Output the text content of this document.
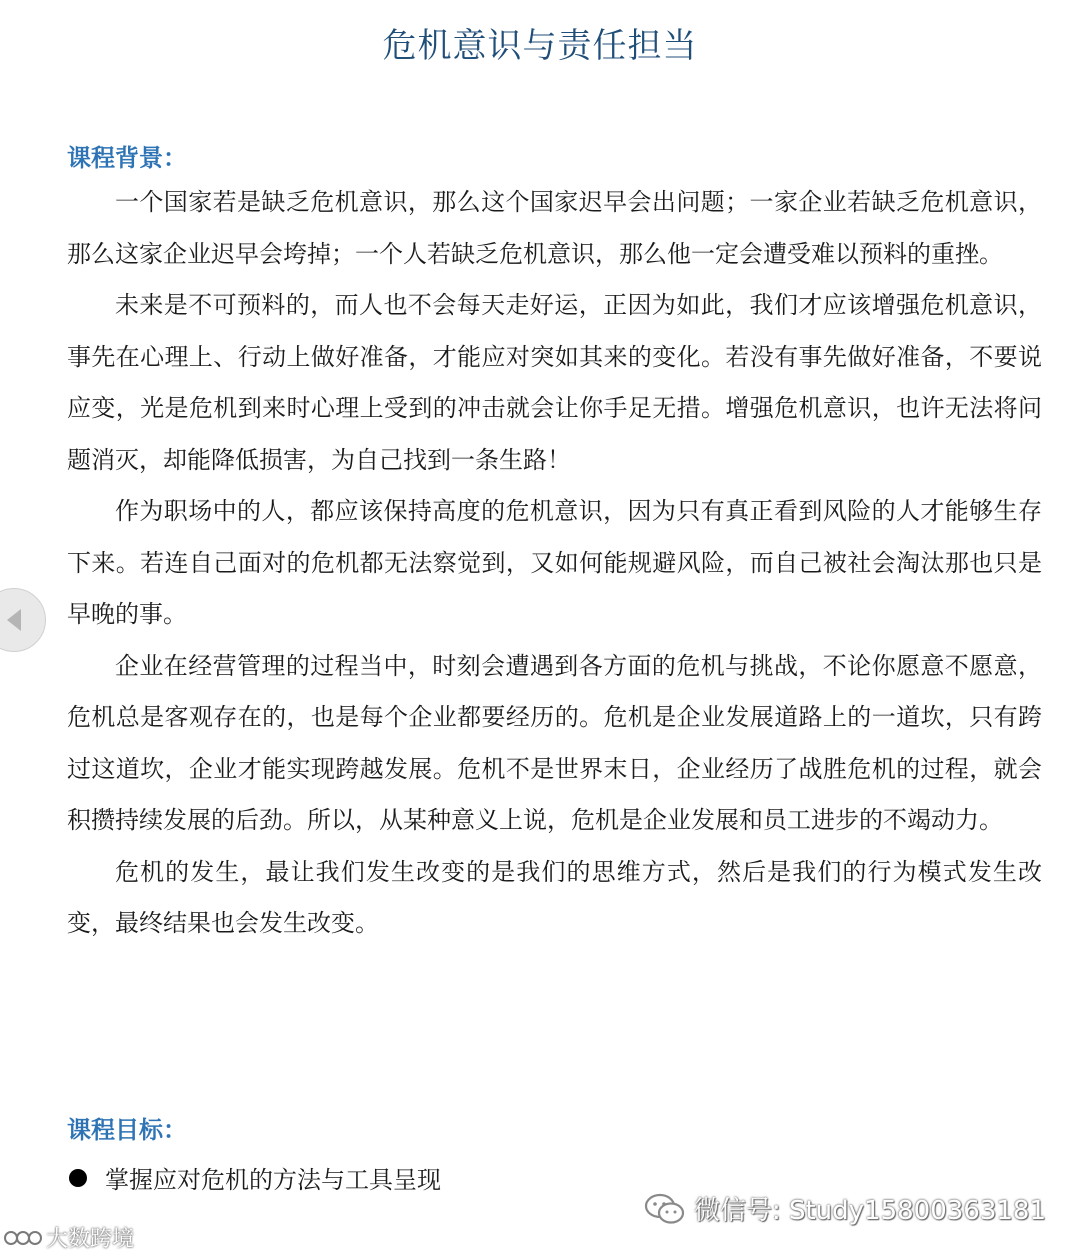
危机意识与责任担当
课程背景：

一个国家若是缺乏危机意识，那么这个国家迟早会出问题；一家企业若缺乏危机意识，那么这家企业迟早会垮掉；一个人若缺乏危机意识，那么他一定会遭受难以预料的重挫。

未来是不可预料的，而人也不会每天走好运，正因为如此，我们才应该增强危机意识，事先在心理上、行动上做好准备，才能应对突如其来的变化。若没有事先做好准备，不要说应变，光是危机到来时心理上受到的冲击就会让你手足无措。增强危机意识，也许无法将问题消灭，却能降低损害，为自己找到一条生路！

作为职场中的人，都应该保持高度的危机意识，因为只有真正看到风险的人才能够生存下来。若连自己面对的危机都无法察觉到，又如何能规避风险，而自己被社会淘汰那也只是早晚的事。

企业在经营管理的过程当中，时刻会遭遇到各方面的危机与挑战，不论你愿意不愿意，危机总是客观存在的，也是每个企业都要经历的。危机是企业发展道路上的一道坎，只有跨过这道坎，企业才能实现跨越发展。危机不是世界末日，企业经历了战胜危机的过程，就会积攒持续发展的后劲。所以，从某种意义上说，危机是企业发展和员工进步的不竭动力。

危机的发生，最让我们发生改变的是我们的思维方式，然后是我们的行为模式发生改变，最终结果也会发生改变。

课程目标：
掌握应对危机的方法与工具呈现
微信号: Study15800363181
大数跨境
